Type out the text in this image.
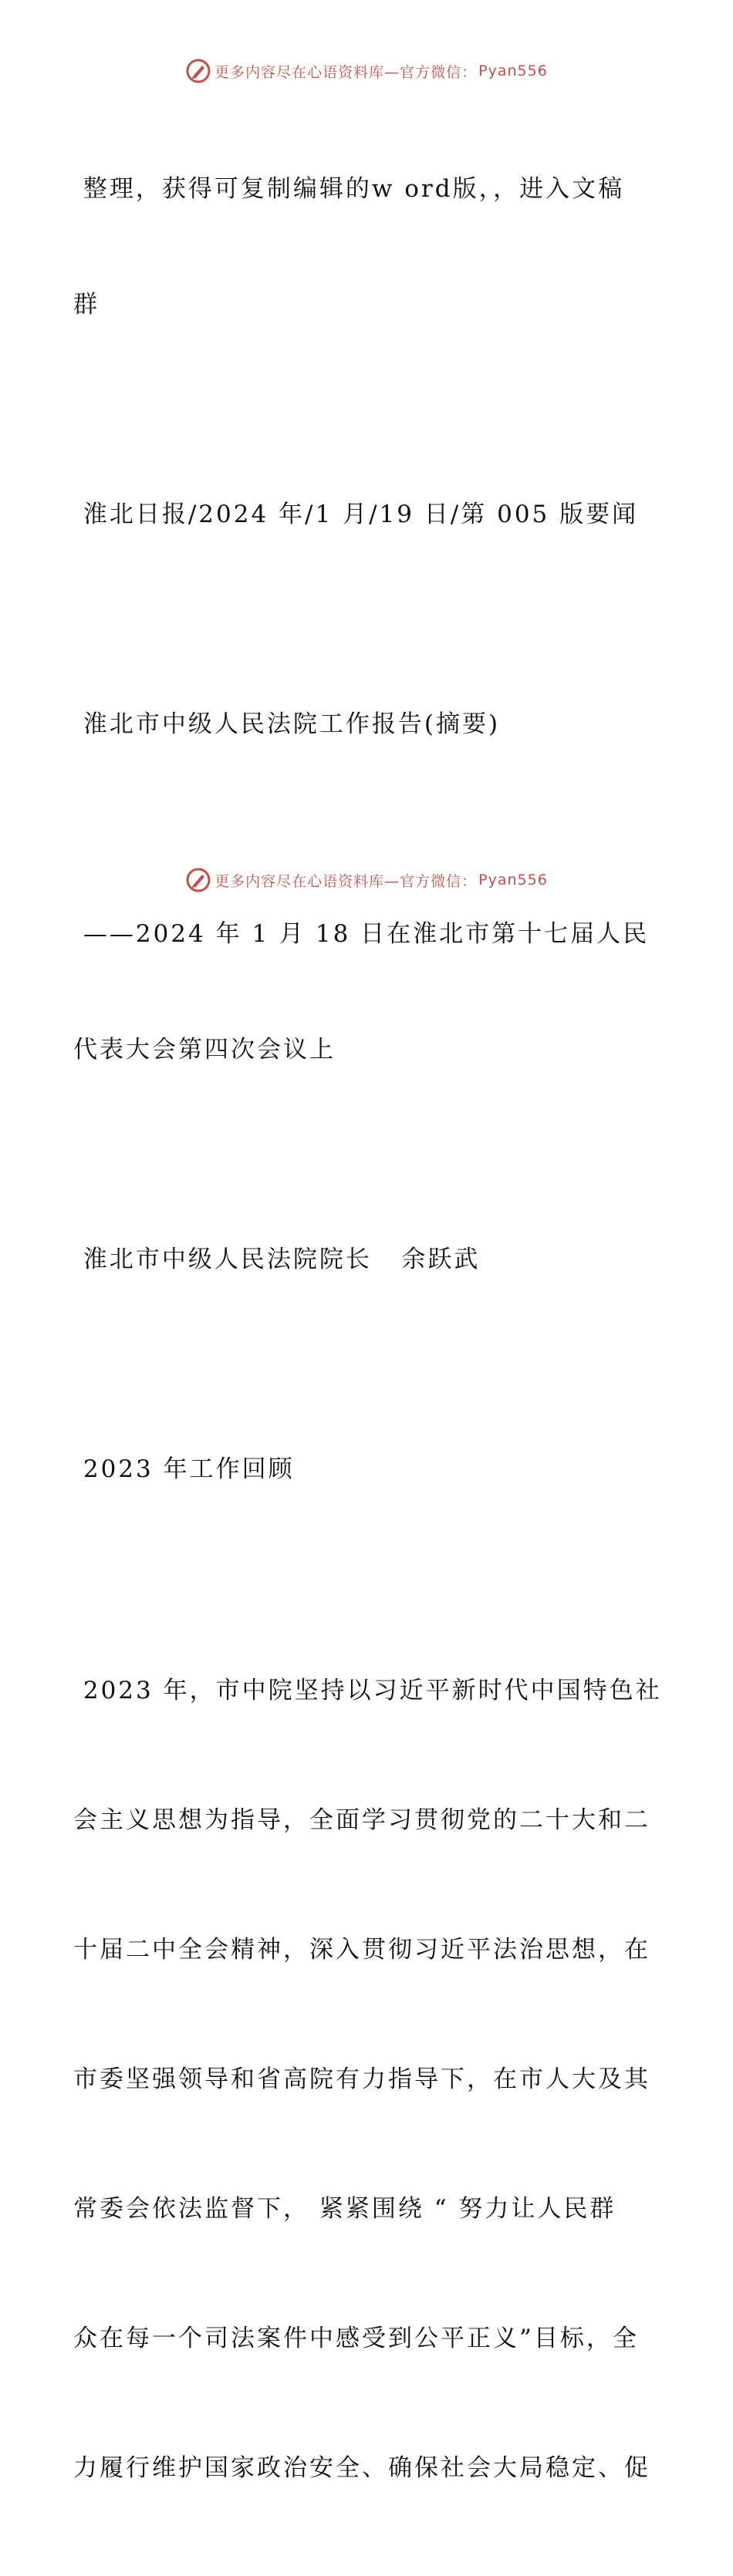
更多内容尽在心语资料库—官方微信： Pyan556

整理，获得可复制编辑的w ord版，，进入文稿

群

淮北日报/2024 年/1 月/19 日/第 005 版要闻

淮北市中级人民法院工作报告(摘要)

——2024 年 1 月 18 日在淮北市第十七届人民

代表大会第四次会议上

淮北市中级人民法院院长   余跃武

2023 年工作回顾

2023 年，市中院坚持以习近平新时代中国特色社

会主义思想为指导，全面学习贯彻党的二十大和二

十届二中全会精神，深入贯彻习近平法治思想，在

市委坚强领导和省高院有力指导下，在市人大及其

常委会依法监督下， 紧紧围绕 “ 努力让人民群

众在每一个司法案件中感受到公平正义”目标，全

力履行维护国家政治安全、确保社会大局稳定、促

更多内容尽在心语资料库—官方微信： Pyan556
